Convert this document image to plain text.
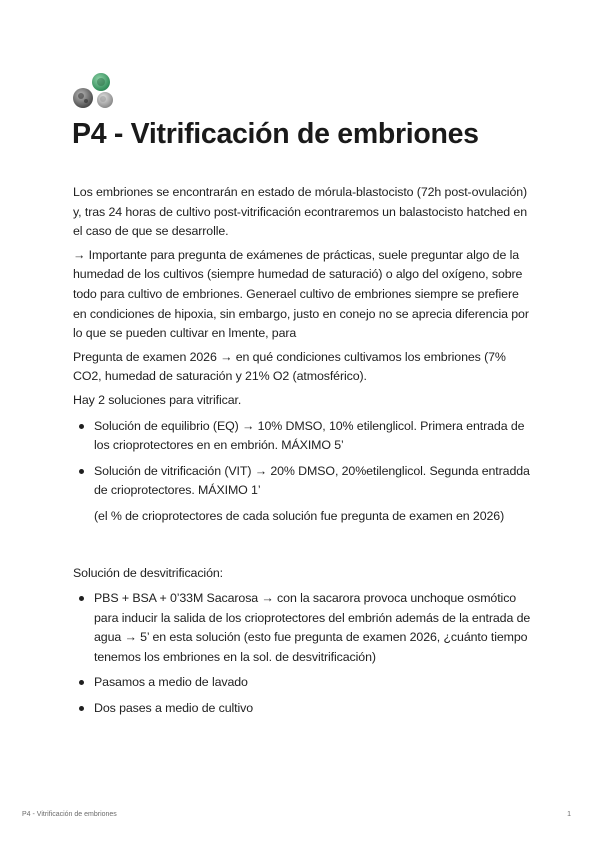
P4 - Vitrificación de embriones

Los embriones se encontrarán en estado de mórula-blastocisto (72h post-ovulación) y, tras 24 horas de cultivo post-vitrificación econtraremos un balastocisto hatched en el caso de que se desarrolle.

→ Importante para pregunta de exámenes de prácticas, suele preguntar algo de la humedad de los cultivos (siempre humedad de saturació) o algo del oxígeno, sobre todo para cultivo de embriones. Generael cultivo de embriones siempre se prefiere en condiciones de hipoxia, sin embargo, justo en conejo no se aprecia diferencia por lo que se pueden cultivar en lmente, para

Pregunta de examen 2026 → en qué condiciones cultivamos los embriones (7% CO2, humedad de saturación y 21% O2 (atmosférico).

Hay 2 soluciones para vitrificar.

Solución de equilibrio (EQ) → 10% DMSO, 10% etilenglicol. Primera entrada de los crioprotectores en en embrión. MÁXIMO 5’
Solución de vitrificación (VIT) → 20% DMSO, 20%etilenglicol. Segunda entradda de crioprotectores. MÁXIMO 1’

(el % de crioprotectores de cada solución fue pregunta de examen en 2026)

Solución de desvitrificación:

PBS + BSA + 0’33M Sacarosa → con la sacarora provoca unchoque osmótico para inducir la salida de los crioprotectores del embrión además de la entrada de agua → 5’ en esta solución (esto fue pregunta de examen 2026, ¿cuánto tiempo tenemos los embriones en la sol. de desvitrificación)
Pasamos a medio de lavado
Dos pases a medio de cultivo
P4 - Vitrificación de embriones	1
